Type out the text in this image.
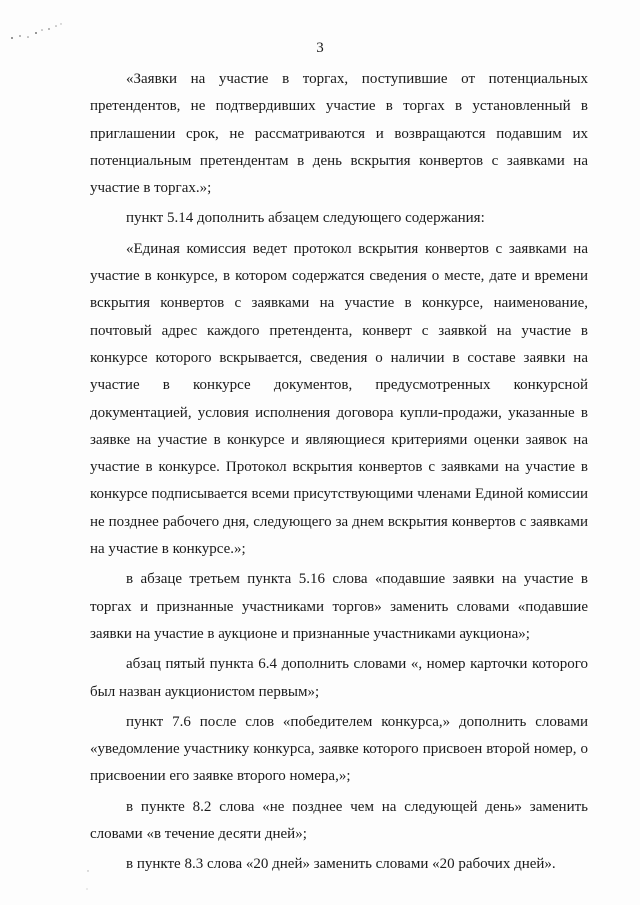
3

«Заявки на участие в торгах, поступившие от потенциальных претендентов, не подтвердивших участие в торгах в установленный в приглашении срок, не рассматриваются и возвращаются подавшим их потенциальным претендентам в день вскрытия конвертов с заявками на участие в торгах.»;

пункт 5.14 дополнить абзацем следующего содержания:

«Единая комиссия ведет протокол вскрытия конвертов с заявками на участие в конкурсе, в котором содержатся сведения о месте, дате и времени вскрытия конвертов с заявками на участие в конкурсе, наименование, почтовый адрес каждого претендента, конверт с заявкой на участие в конкурсе которого вскрывается, сведения о наличии в составе заявки на участие в конкурсе документов, предусмотренных конкурсной документацией, условия исполнения договора купли-продажи, указанные в заявке на участие в конкурсе и являющиеся критериями оценки заявок на участие в конкурсе. Протокол вскрытия конвертов с заявками на участие в конкурсе подписывается всеми присутствующими членами Единой комиссии не позднее рабочего дня, следующего за днем вскрытия конвертов с заявками на участие в конкурсе.»;

в абзаце третьем пункта 5.16 слова «подавшие заявки на участие в торгах и признанные участниками торгов» заменить словами «подавшие заявки на участие в аукционе и признанные участниками аукциона»;

абзац пятый пункта 6.4 дополнить словами «, номер карточки которого был назван аукционистом первым»;

пункт 7.6 после слов «победителем конкурса,» дополнить словами «уведомление участнику конкурса, заявке которого присвоен второй номер, о присвоении его заявке второго номера,»;

в пункте 8.2 слова «не позднее чем на следующей день» заменить словами «в течение десяти дней»;

в пункте 8.3 слова «20 дней» заменить словами «20 рабочих дней».
